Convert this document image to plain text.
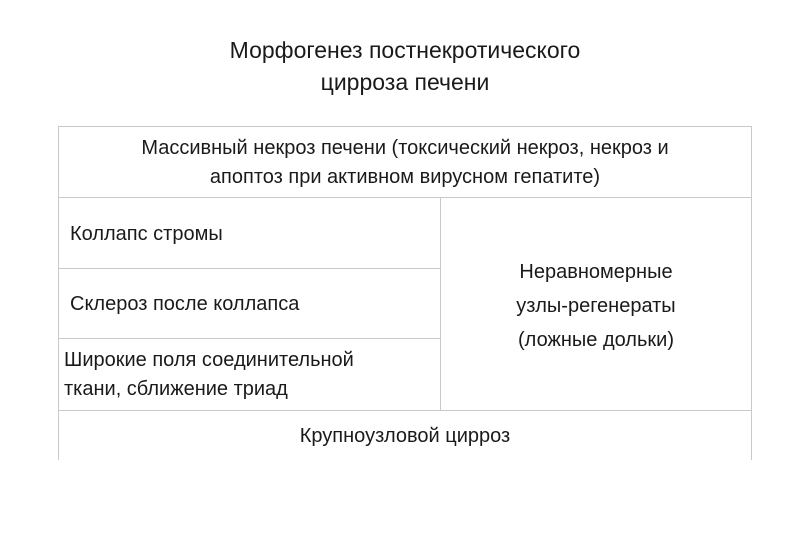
Морфогенез постнекротического
цирроза печени
Массивный некроз печени (токсический некроз, некроз и
апоптоз при активном вирусном гепатите)
Коллапс стромы
Склероз после коллапса
Широкие поля соединительной
ткани, сближение триад
Неравномерные
узлы-регенераты
(ложные дольки)
Крупноузловой цирроз
